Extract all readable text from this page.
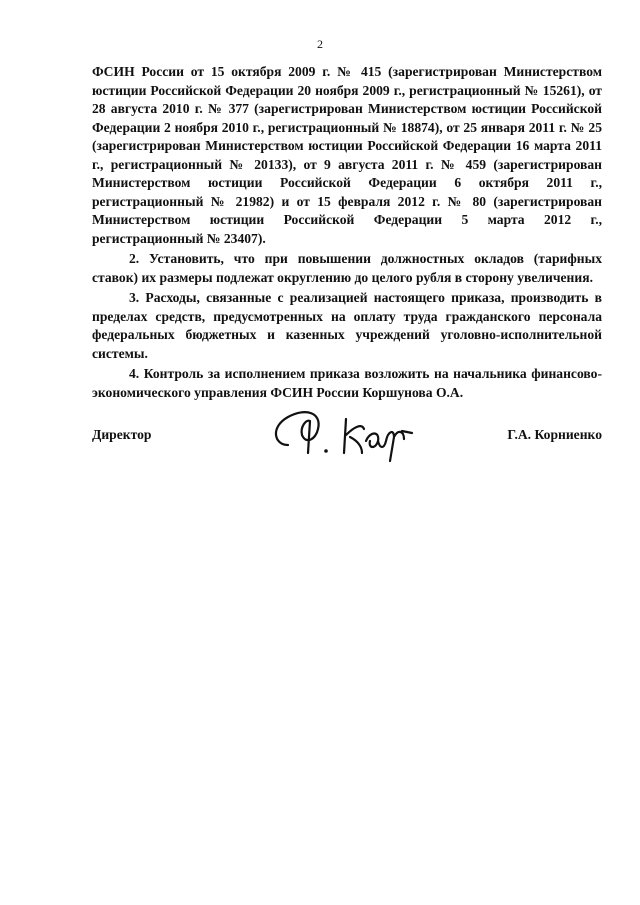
2

ФСИН России от 15 октября 2009 г. № 415 (зарегистрирован Министерством юстиции Российской Федерации 20 ноября 2009 г., регистрационный № 15261), от 28 августа 2010 г. № 377 (зарегистрирован Министерством юстиции Российской Федерации 2 ноября 2010 г., регистрационный № 18874), от 25 января 2011 г. № 25 (зарегистрирован Министерством юстиции Российской Федерации 16 марта 2011 г., регистрационный № 20133), от 9 августа 2011 г. № 459 (зарегистрирован Министерством юстиции Российской Федерации 6 октября 2011 г., регистрационный № 21982) и от 15 февраля 2012 г. № 80 (зарегистрирован Министерством юстиции Российской Федерации 5 марта 2012 г., регистрационный № 23407).

2. Установить, что при повышении должностных окладов (тарифных ставок) их размеры подлежат округлению до целого рубля в сторону увеличения.

3. Расходы, связанные с реализацией настоящего приказа, производить в пределах средств, предусмотренных на оплату труда гражданского персонала федеральных бюджетных и казенных учреждений уголовно-исполнительной системы.

4. Контроль за исполнением приказа возложить на начальника финансово-экономического управления ФСИН России Коршунова О.А.

Директор	Г.А. Корниенко
